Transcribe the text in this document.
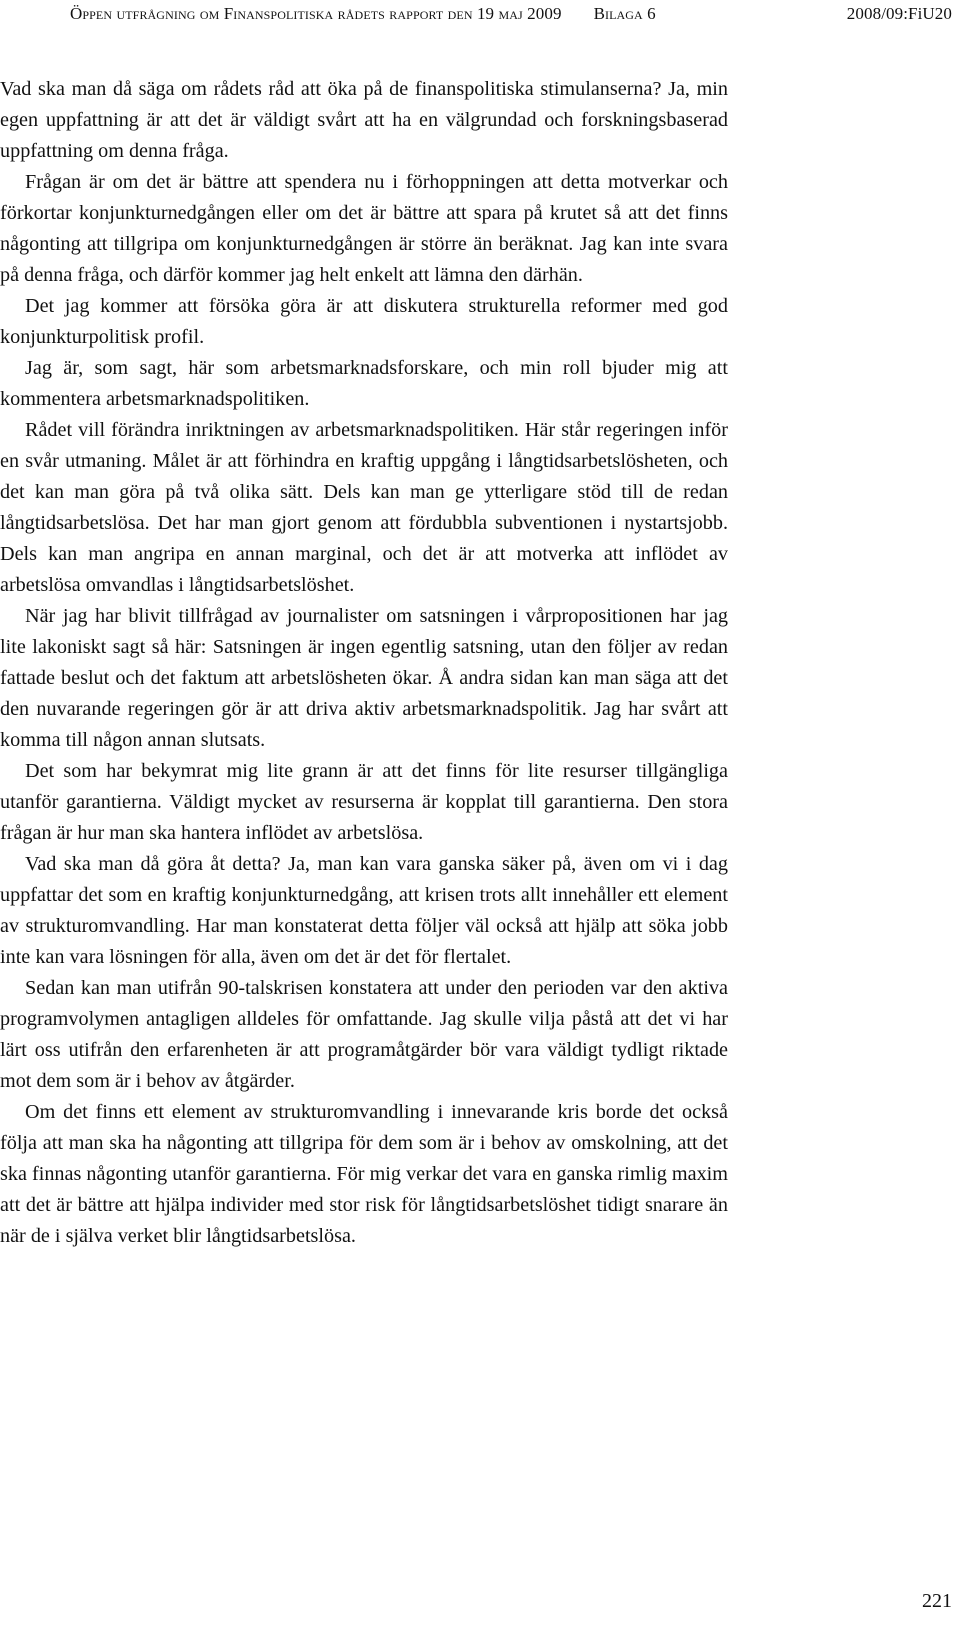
Öppen utfrågning om Finanspolitiska rådets rapport den 19 maj 2009 Bilaga 6	2008/09:FiU20

Vad ska man då säga om rådets råd att öka på de finanspolitiska stimulanserna? Ja, min egen uppfattning är att det är väldigt svårt att ha en välgrundad och forskningsbaserad uppfattning om denna fråga.

Frågan är om det är bättre att spendera nu i förhoppningen att detta motverkar och förkortar konjunkturnedgången eller om det är bättre att spara på krutet så att det finns någonting att tillgripa om konjunkturnedgången är större än beräknat. Jag kan inte svara på denna fråga, och därför kommer jag helt enkelt att lämna den därhän.

Det jag kommer att försöka göra är att diskutera strukturella reformer med god konjunkturpolitisk profil.

Jag är, som sagt, här som arbetsmarknadsforskare, och min roll bjuder mig att kommentera arbetsmarknadspolitiken.

Rådet vill förändra inriktningen av arbetsmarknadspolitiken. Här står regeringen inför en svår utmaning. Målet är att förhindra en kraftig uppgång i långtidsarbetslösheten, och det kan man göra på två olika sätt. Dels kan man ge ytterligare stöd till de redan långtidsarbetslösa. Det har man gjort genom att fördubbla subventionen i nystartsjobb. Dels kan man angripa en annan marginal, och det är att motverka att inflödet av arbetslösa omvandlas i långtidsarbetslöshet.

När jag har blivit tillfrågad av journalister om satsningen i vårpropositionen har jag lite lakoniskt sagt så här: Satsningen är ingen egentlig satsning, utan den följer av redan fattade beslut och det faktum att arbetslösheten ökar. Å andra sidan kan man säga att det den nuvarande regeringen gör är att driva aktiv arbetsmarknadspolitik. Jag har svårt att komma till någon annan slutsats.

Det som har bekymrat mig lite grann är att det finns för lite resurser tillgängliga utanför garantierna. Väldigt mycket av resurserna är kopplat till garantierna. Den stora frågan är hur man ska hantera inflödet av arbetslösa.

Vad ska man då göra åt detta? Ja, man kan vara ganska säker på, även om vi i dag uppfattar det som en kraftig konjunkturnedgång, att krisen trots allt innehåller ett element av strukturomvandling. Har man konstaterat detta följer väl också att hjälp att söka jobb inte kan vara lösningen för alla, även om det är det för flertalet.

Sedan kan man utifrån 90-talskrisen konstatera att under den perioden var den aktiva programvolymen antagligen alldeles för omfattande. Jag skulle vilja påstå att det vi har lärt oss utifrån den erfarenheten är att programåtgärder bör vara väldigt tydligt riktade mot dem som är i behov av åtgärder.

Om det finns ett element av strukturomvandling i innevarande kris borde det också följa att man ska ha någonting att tillgripa för dem som är i behov av omskolning, att det ska finnas någonting utanför garantierna. För mig verkar det vara en ganska rimlig maxim att det är bättre att hjälpa individer med stor risk för långtidsarbetslöshet tidigt snarare än när de i själva verket blir långtidsarbetslösa.

221
